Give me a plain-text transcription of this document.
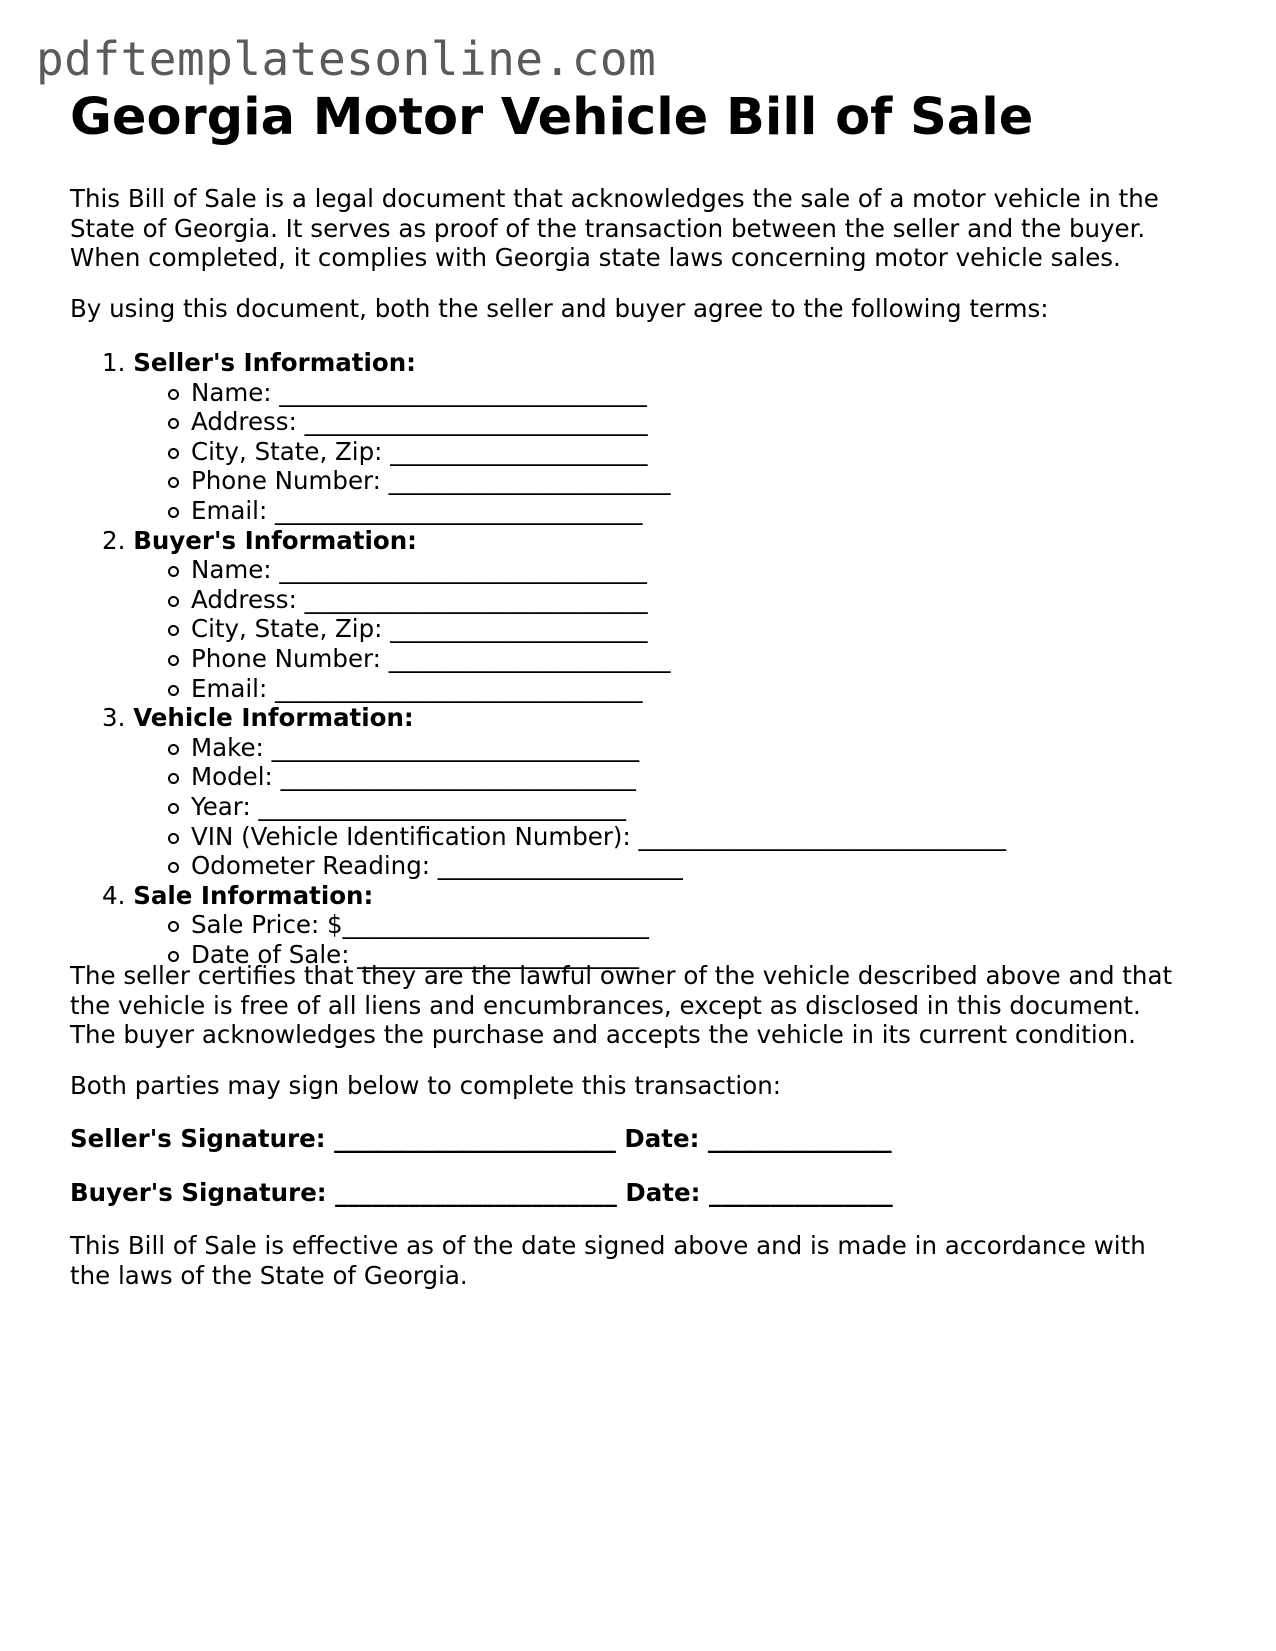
pdftemplatesonline.com
Georgia Motor Vehicle Bill of Sale
This Bill of Sale is a legal document that acknowledges the sale of a motor vehicle in the
State of Georgia. It serves as proof of the transaction between the seller and the buyer.
When completed, it complies with Georgia state laws concerning motor vehicle sales.
By using this document, both the seller and buyer agree to the following terms:
1. Seller's Information:
Name: ______________________________
Address: ____________________________
City, State, Zip: _____________________
Phone Number: _______________________
Email: ______________________________
2. Buyer's Information:
Name: ______________________________
Address: ____________________________
City, State, Zip: _____________________
Phone Number: _______________________
Email: ______________________________
3. Vehicle Information:
Make: ______________________________
Model: _____________________________
Year: ______________________________
VIN (Vehicle Identification Number): ______________________________
Odometer Reading: ____________________
4. Sale Information:
Sale Price: $_________________________
Date of Sale: _______________________
The seller certifies that they are the lawful owner of the vehicle described above and that
the vehicle is free of all liens and encumbrances, except as disclosed in this document.
The buyer acknowledges the purchase and accepts the vehicle in its current condition.
Both parties may sign below to complete this transaction:
Seller's Signature: _______________________ Date: _______________
Buyer's Signature: _______________________ Date: _______________
This Bill of Sale is effective as of the date signed above and is made in accordance with
the laws of the State of Georgia.
